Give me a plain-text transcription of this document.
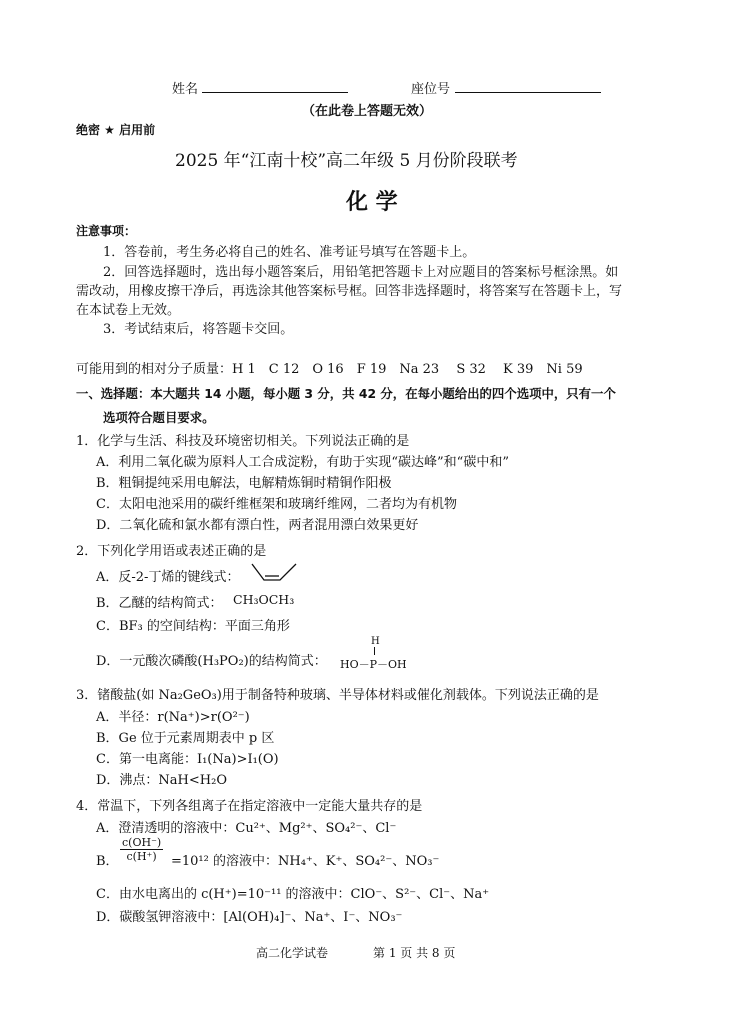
姓名	座位号
（在此卷上答题无效）
绝密 ★ 启用前
2025 年“江南十校”高二年级 5 月份阶段联考
化 学
注意事项：
1．答卷前，考生务必将自己的姓名、准考证号填写在答题卡上。
2．回答选择题时，选出每小题答案后，用铅笔把答题卡上对应题目的答案标号框涂黑。如
需改动，用橡皮擦干净后，再选涂其他答案标号框。回答非选择题时，将答案写在答题卡上，写
在本试卷上无效。
3．考试结束后，将答题卡交回。
可能用到的相对分子质量：H 1　C 12　O 16　F 19　Na 23　 S 32　 K 39　Ni 59
一、选择题：本大题共 14 小题，每小题 3 分，共 42 分，在每小题给出的四个选项中，只有一个
选项符合题目要求。
1．化学与生活、科技及环境密切相关。下列说法正确的是
A．利用二氧化碳为原料人工合成淀粉，有助于实现“碳达峰”和“碳中和”
B．粗铜提纯采用电解法，电解精炼铜时精铜作阳极
C．太阳电池采用的碳纤维框架和玻璃纤维网，二者均为有机物
D．二氧化硫和氯水都有漂白性，两者混用漂白效果更好
2．下列化学用语或表述正确的是
A．反-2-丁烯的键线式：
B．乙醚的结构简式： CH₃OCH₃
C．BF₃ 的空间结构：平面三角形
D．一元酸次磷酸(H₃PO₂)的结构简式：
H
HO－P－OH
3．锗酸盐(如 Na₂GeO₃)用于制备特种玻璃、半导体材料或催化剂载体。下列说法正确的是
A．半径：r(Na⁺)>r(O²⁻)
B．Ge 位于元素周期表中 p 区
C．第一电离能：I₁(Na)>I₁(O)
D．沸点：NaH<H₂O
4．常温下，下列各组离子在指定溶液中一定能大量共存的是
A．澄清透明的溶液中：Cu²⁺、Mg²⁺、SO₄²⁻、Cl⁻
B． $\frac{c(OH^-)}{c(H^+)} =10^{12}$ 的溶液中：NH₄⁺、K⁺、SO₄²⁻、NO₃⁻
C．由水电离出的 c(H⁺)=10⁻¹¹ 的溶液中：ClO⁻、S²⁻、Cl⁻、Na⁺
D．碳酸氢钾溶液中：[Al(OH)₄]⁻、Na⁺、I⁻、NO₃⁻
高二化学试卷	第 1 页 共 8 页
